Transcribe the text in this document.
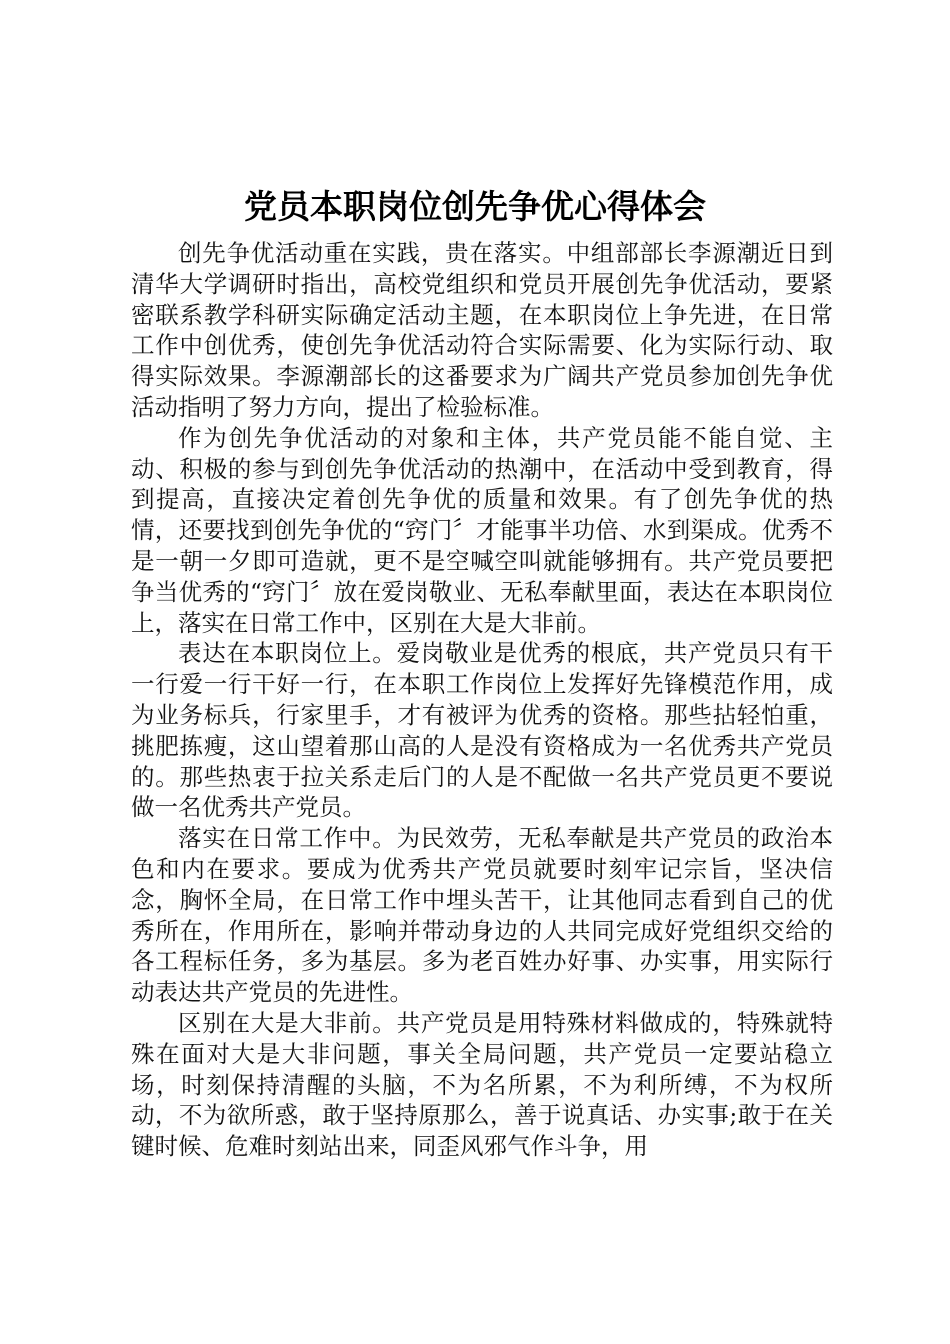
党员本职岗位创先争优心得体会

创先争优活动重在实践，贵在落实。中组部部长李源潮近日到清华大学调研时指出，高校党组织和党员开展创先争优活动，要紧密联系教学科研实际确定活动主题，在本职岗位上争先进，在日常工作中创优秀，使创先争优活动符合实际需要、化为实际行动、取得实际效果。李源潮部长的这番要求为广阔共产党员参加创先争优活动指明了努力方向，提出了检验标准。

作为创先争优活动的对象和主体，共产党员能不能自觉、主动、积极的参与到创先争优活动的热潮中，在活动中受到教育，得到提高，直接决定着创先争优的质量和效果。有了创先争优的热情，还要找到创先争优的“窍门〞才能事半功倍、水到渠成。优秀不是一朝一夕即可造就，更不是空喊空叫就能够拥有。共产党员要把争当优秀的“窍门〞放在爱岗敬业、无私奉献里面，表达在本职岗位上，落实在日常工作中，区别在大是大非前。

表达在本职岗位上。爱岗敬业是优秀的根底，共产党员只有干一行爱一行干好一行，在本职工作岗位上发挥好先锋模范作用，成为业务标兵，行家里手，才有被评为优秀的资格。那些拈轻怕重，挑肥拣瘦，这山望着那山高的人是没有资格成为一名优秀共产党员的。那些热衷于拉关系走后门的人是不配做一名共产党员更不要说做一名优秀共产党员。

落实在日常工作中。为民效劳，无私奉献是共产党员的政治本色和内在要求。要成为优秀共产党员就要时刻牢记宗旨，坚决信念，胸怀全局，在日常工作中埋头苦干，让其他同志看到自己的优秀所在，作用所在，影响并带动身边的人共同完成好党组织交给的各工程标任务，多为基层。多为老百姓办好事、办实事，用实际行动表达共产党员的先进性。

区别在大是大非前。共产党员是用特殊材料做成的，特殊就特殊在面对大是大非问题，事关全局问题，共产党员一定要站稳立场，时刻保持清醒的头脑，不为名所累，不为利所缚，不为权所动，不为欲所惑，敢于坚持原那么，善于说真话、办实事;敢于在关键时候、危难时刻站出来，同歪风邪气作斗争，用
